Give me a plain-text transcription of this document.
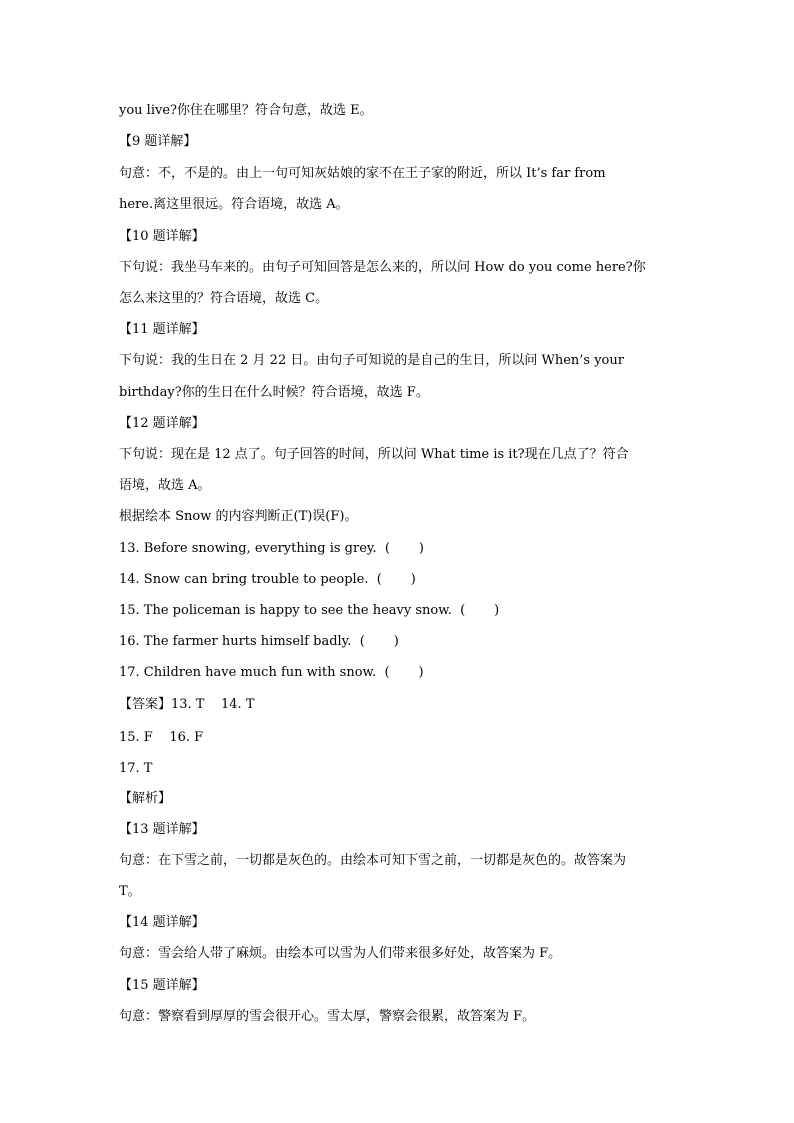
you live?你住在哪里？符合句意，故选 E。
【9 题详解】
句意：不，不是的。由上一句可知灰姑娘的家不在王子家的附近，所以 It’s far from
here.离这里很远。符合语境，故选 A。
【10 题详解】
下句说：我坐马车来的。由句子可知回答是怎么来的，所以问 How do you come here?你
怎么来这里的？符合语境，故选 C。
【11 题详解】
下句说：我的生日在 2 月 22 日。由句子可知说的是自己的生日，所以问 When’s your
birthday?你的生日在什么时候？符合语境，故选 F。
【12 题详解】
下句说：现在是 12 点了。句子回答的时间，所以问 What time is it?现在几点了？符合
语境，故选 A。
根据绘本 Snow 的内容判断正(T)误(F)。
13. Before snowing, everything is grey.  (       )
14. Snow can bring trouble to people.  (       )
15. The policeman is happy to see the heavy snow.  (       )
16. The farmer hurts himself badly.  (       )
17. Children have much fun with snow.  (       )
【答案】13. T    14. T
15. F    16. F
17. T
【解析】
【13 题详解】
句意：在下雪之前，一切都是灰色的。由绘本可知下雪之前，一切都是灰色的。故答案为
T。
【14 题详解】
句意：雪会给人带了麻烦。由绘本可以雪为人们带来很多好处，故答案为 F。
【15 题详解】
句意：警察看到厚厚的雪会很开心。雪太厚，警察会很累，故答案为 F。
